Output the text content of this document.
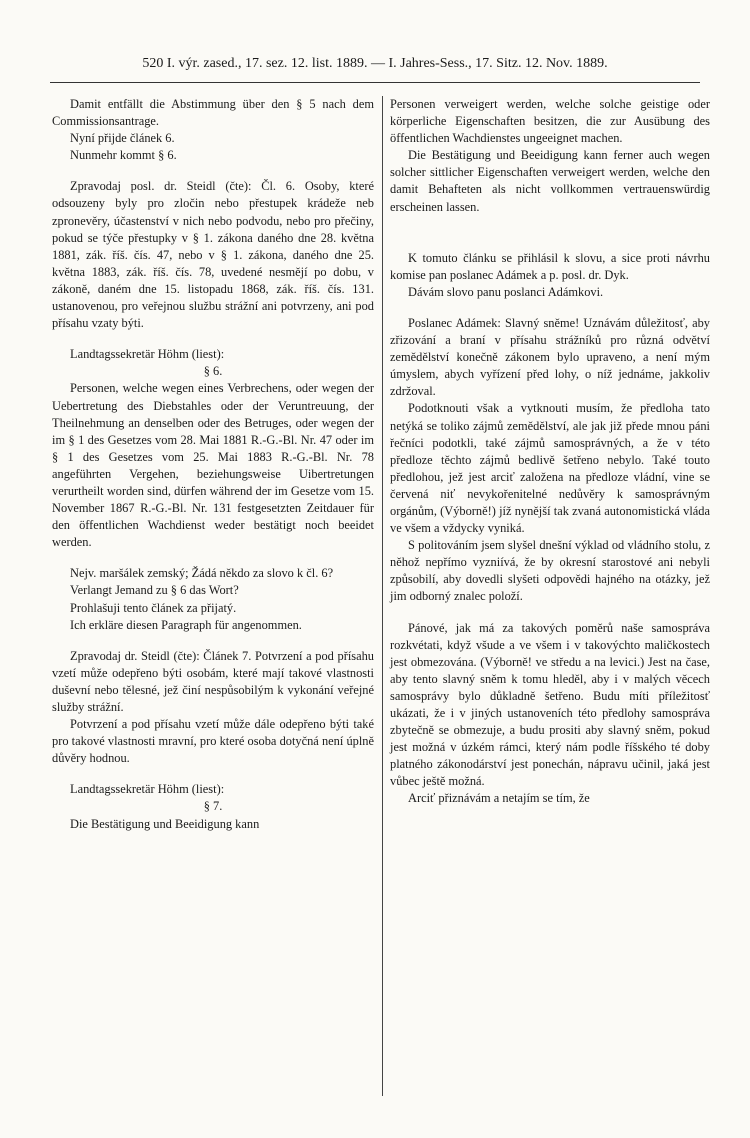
520 I. výr. zased., 17. sez. 12. list. 1889. — I. Jahres-Sess., 17. Sitz. 12. Nov. 1889.

Damit entfällt die Abstimmung über den § 5 nach dem Commissionsantrage.

Nyní přijde článek 6.

Nunmehr kommt § 6.

Zpravodaj posl. dr. Steidl (čte): Čl. 6. Osoby, které odsouzeny byly pro zločin nebo přestupek krádeže neb zpronevěry, účastenství v nich nebo podvodu, nebo pro přečiny, pokud se týče přestupky v § 1. zákona daného dne 28. května 1881, zák. říš. čís. 47, nebo v § 1. zákona, daného dne 25. května 1883, zák. říš. čís. 78, uvedené nesmějí po dobu, v zákoně, daném dne 15. listopadu 1868, zák. říš. čís. 131. ustanovenou, pro veřejnou službu strážní ani potvrzeny, ani pod přísahu vzaty býti.

Landtagssekretär Höhm (liest):

§ 6.

Personen, welche wegen eines Verbrechens, oder wegen der Uebertretung des Diebstahles oder der Veruntreuung, der Theilnehmung an denselben oder des Betruges, oder wegen der im § 1 des Gesetzes vom 28. Mai 1881 R.-G.-Bl. Nr. 47 oder im § 1 des Gesetzes vom 25. Mai 1883 R.-G.-Bl. Nr. 78 angeführten Vergehen, beziehungsweise Uibertretungen verurtheilt worden sind, dürfen während der im Gesetze vom 15. November 1867 R.-G.-Bl. Nr. 131 festgesetzten Zeitdauer für den öffentlichen Wachdienst weder bestätigt noch beeidet werden.

Nejv. maršálek zemský; Žádá někdo za slovo k čl. 6?

Verlangt Jemand zu § 6 das Wort?

Prohlašuji tento článek za přijatý.

Ich erkläre diesen Paragraph für angenommen.

Zpravodaj dr. Steidl (čte): Článek 7. Potvrzení a pod přísahu vzetí může odepřeno býti osobám, které mají takové vlastnosti duševní nebo tělesné, jež činí nespůsobilým k vykonání veřejné služby strážní.

Potvrzení a pod přísahu vzetí může dále odepřeno býti také pro takové vlastnosti mravní, pro které osoba dotyčná není úplně důvěry hodnou.

Landtagssekretär Höhm (liest):

§ 7.

Die Bestätigung und Beeidigung kann

Personen verweigert werden, welche solche geistige oder körperliche Eigenschaften besitzen, die zur Ausübung des öffentlichen Wachdienstes ungeeignet machen.

Die Bestätigung und Beeidigung kann ferner auch wegen solcher sittlicher Eigenschaften verweigert werden, welche den damit Behafteten als nicht vollkommen vertrauenswürdig erscheinen lassen.

K tomuto článku se přihlásil k slovu, a sice proti návrhu komise pan poslanec Adámek a p. posl. dr. Dyk.

Dávám slovo panu poslanci Adámkovi.

Poslanec Adámek: Slavný sněme! Uznávám důležitosť, aby zřizování a braní v přísahu strážníků pro různá odvětví zemědělství konečně zákonem bylo upraveno, a není mým úmyslem, abych vyřízení před lohy, o níž jednáme, jakkoliv zdržoval.

Podotknouti však a vytknouti musím, že předloha tato netýká se toliko zájmů zemědělství, ale jak již přede mnou páni řečníci podotkli, také zájmů samosprávných, a že v této předloze těchto zájmů bedlivě šetřeno nebylo. Také touto předlohou, jež jest arciť založena na předloze vládní, vine se červená niť nevykořenitelné nedůvěry k samosprávným orgánům, (Výborně!) jíž nynější tak zvaná autonomistická vláda ve všem a vždycky vyniká.

S politováním jsem slyšel dnešní výklad od vládního stolu, z něhož nepřímo vyzniívá, že by okresní starostové ani nebyli způsobilí, aby dovedli slyšeti odpovědi hajného na otázky, jež jim odborný znalec položí.

Pánové, jak má za takových poměrů naše samospráva rozkvétati, když všude a ve všem i v takovýchto maličkostech jest obmezována. (Výborně! ve středu a na levici.) Jest na čase, aby tento slavný sněm k tomu hleděl, aby i v malých věcech samosprávy bylo důkladně šetřeno. Budu míti příležitosť ukázati, že i v jiných ustanoveních této předlohy samospráva zbytečně se obmezuje, a budu prositi aby slavný sněm, pokud jest možná v úzkém rámci, který nám podle říšského té doby platného zákonodárství jest ponechán, nápravu učinil, jaká jest vůbec ještě možná.

Arciť přiznávám a netajím se tím, že
